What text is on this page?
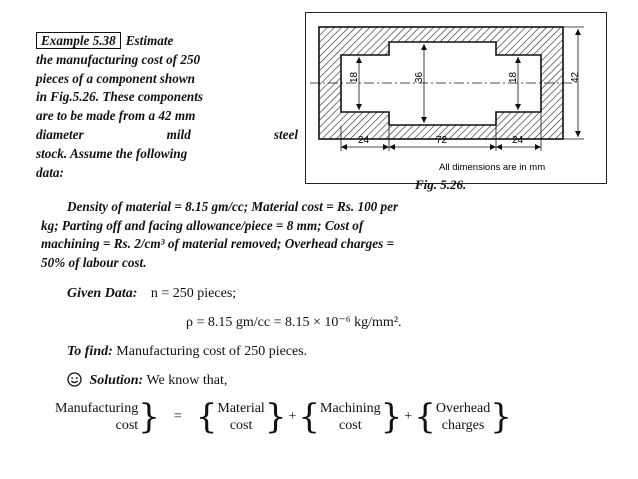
Example 5.38 Estimate
the manufacturing cost of 250
pieces of a component shown
in Fig.5.26. These components
are to be made from a 42 mm
diameter	mild	steel
stock. Assume the following
data:
18	36	18	42
24	72	24
All dimensions are in mm
Fig. 5.26.
Density of material = 8.15 gm/cc; Material cost = Rs. 100 per
kg; Parting off and facing allowance/piece = 8 mm; Cost of
machining = Rs. 2/cm³ of material removed; Overhead charges =
50% of labour cost.
Given Data: n = 250 pieces;
ρ = 8.15 gm/cc = 8.15 × 10⁻⁶ kg/mm².
To find: Manufacturing cost of 250 pieces.
Solution: We know that,
Manufacturing
cost } = { Material
cost } + { Machining
cost } + { Overhead
charges }
